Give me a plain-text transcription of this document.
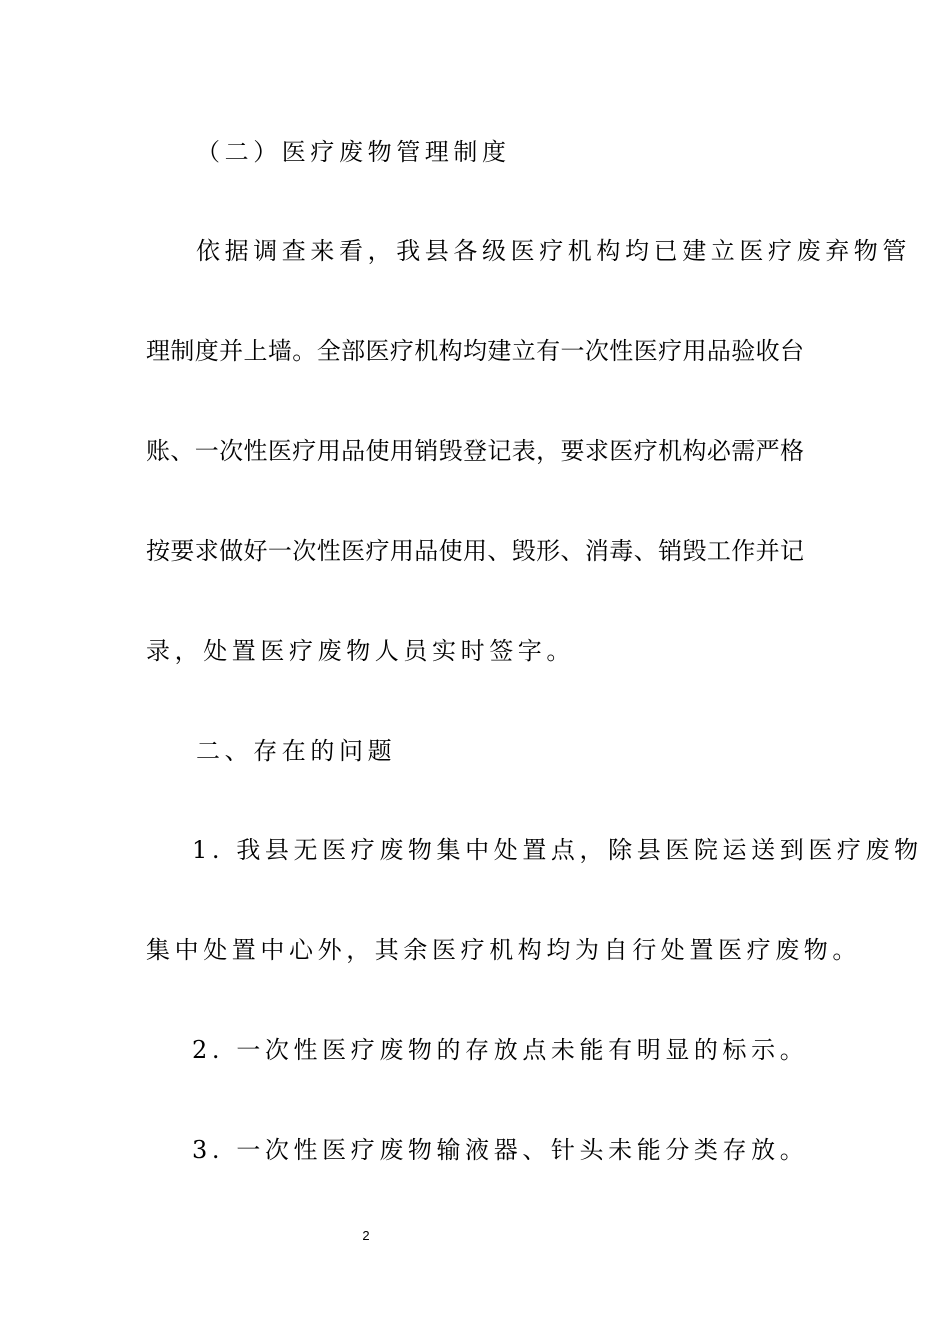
（二）医疗废物管理制度
依据调查来看，我县各级医疗机构均已建立医疗废弃物管
理制度并上墙。全部医疗机构均建立有一次性医疗用品验收台
账、一次性医疗用品使用销毁登记表，要求医疗机构必需严格
按要求做好一次性医疗用品使用、毁形、消毒、销毁工作并记
录，处置医疗废物人员实时签字。
二、存在的问题
1. 我县无医疗废物集中处置点，除县医院运送到医疗废物
集中处置中心外，其余医疗机构均为自行处置医疗废物。
2. 一次性医疗废物的存放点未能有明显的标示。
3. 一次性医疗废物输液器、针头未能分类存放。
2
